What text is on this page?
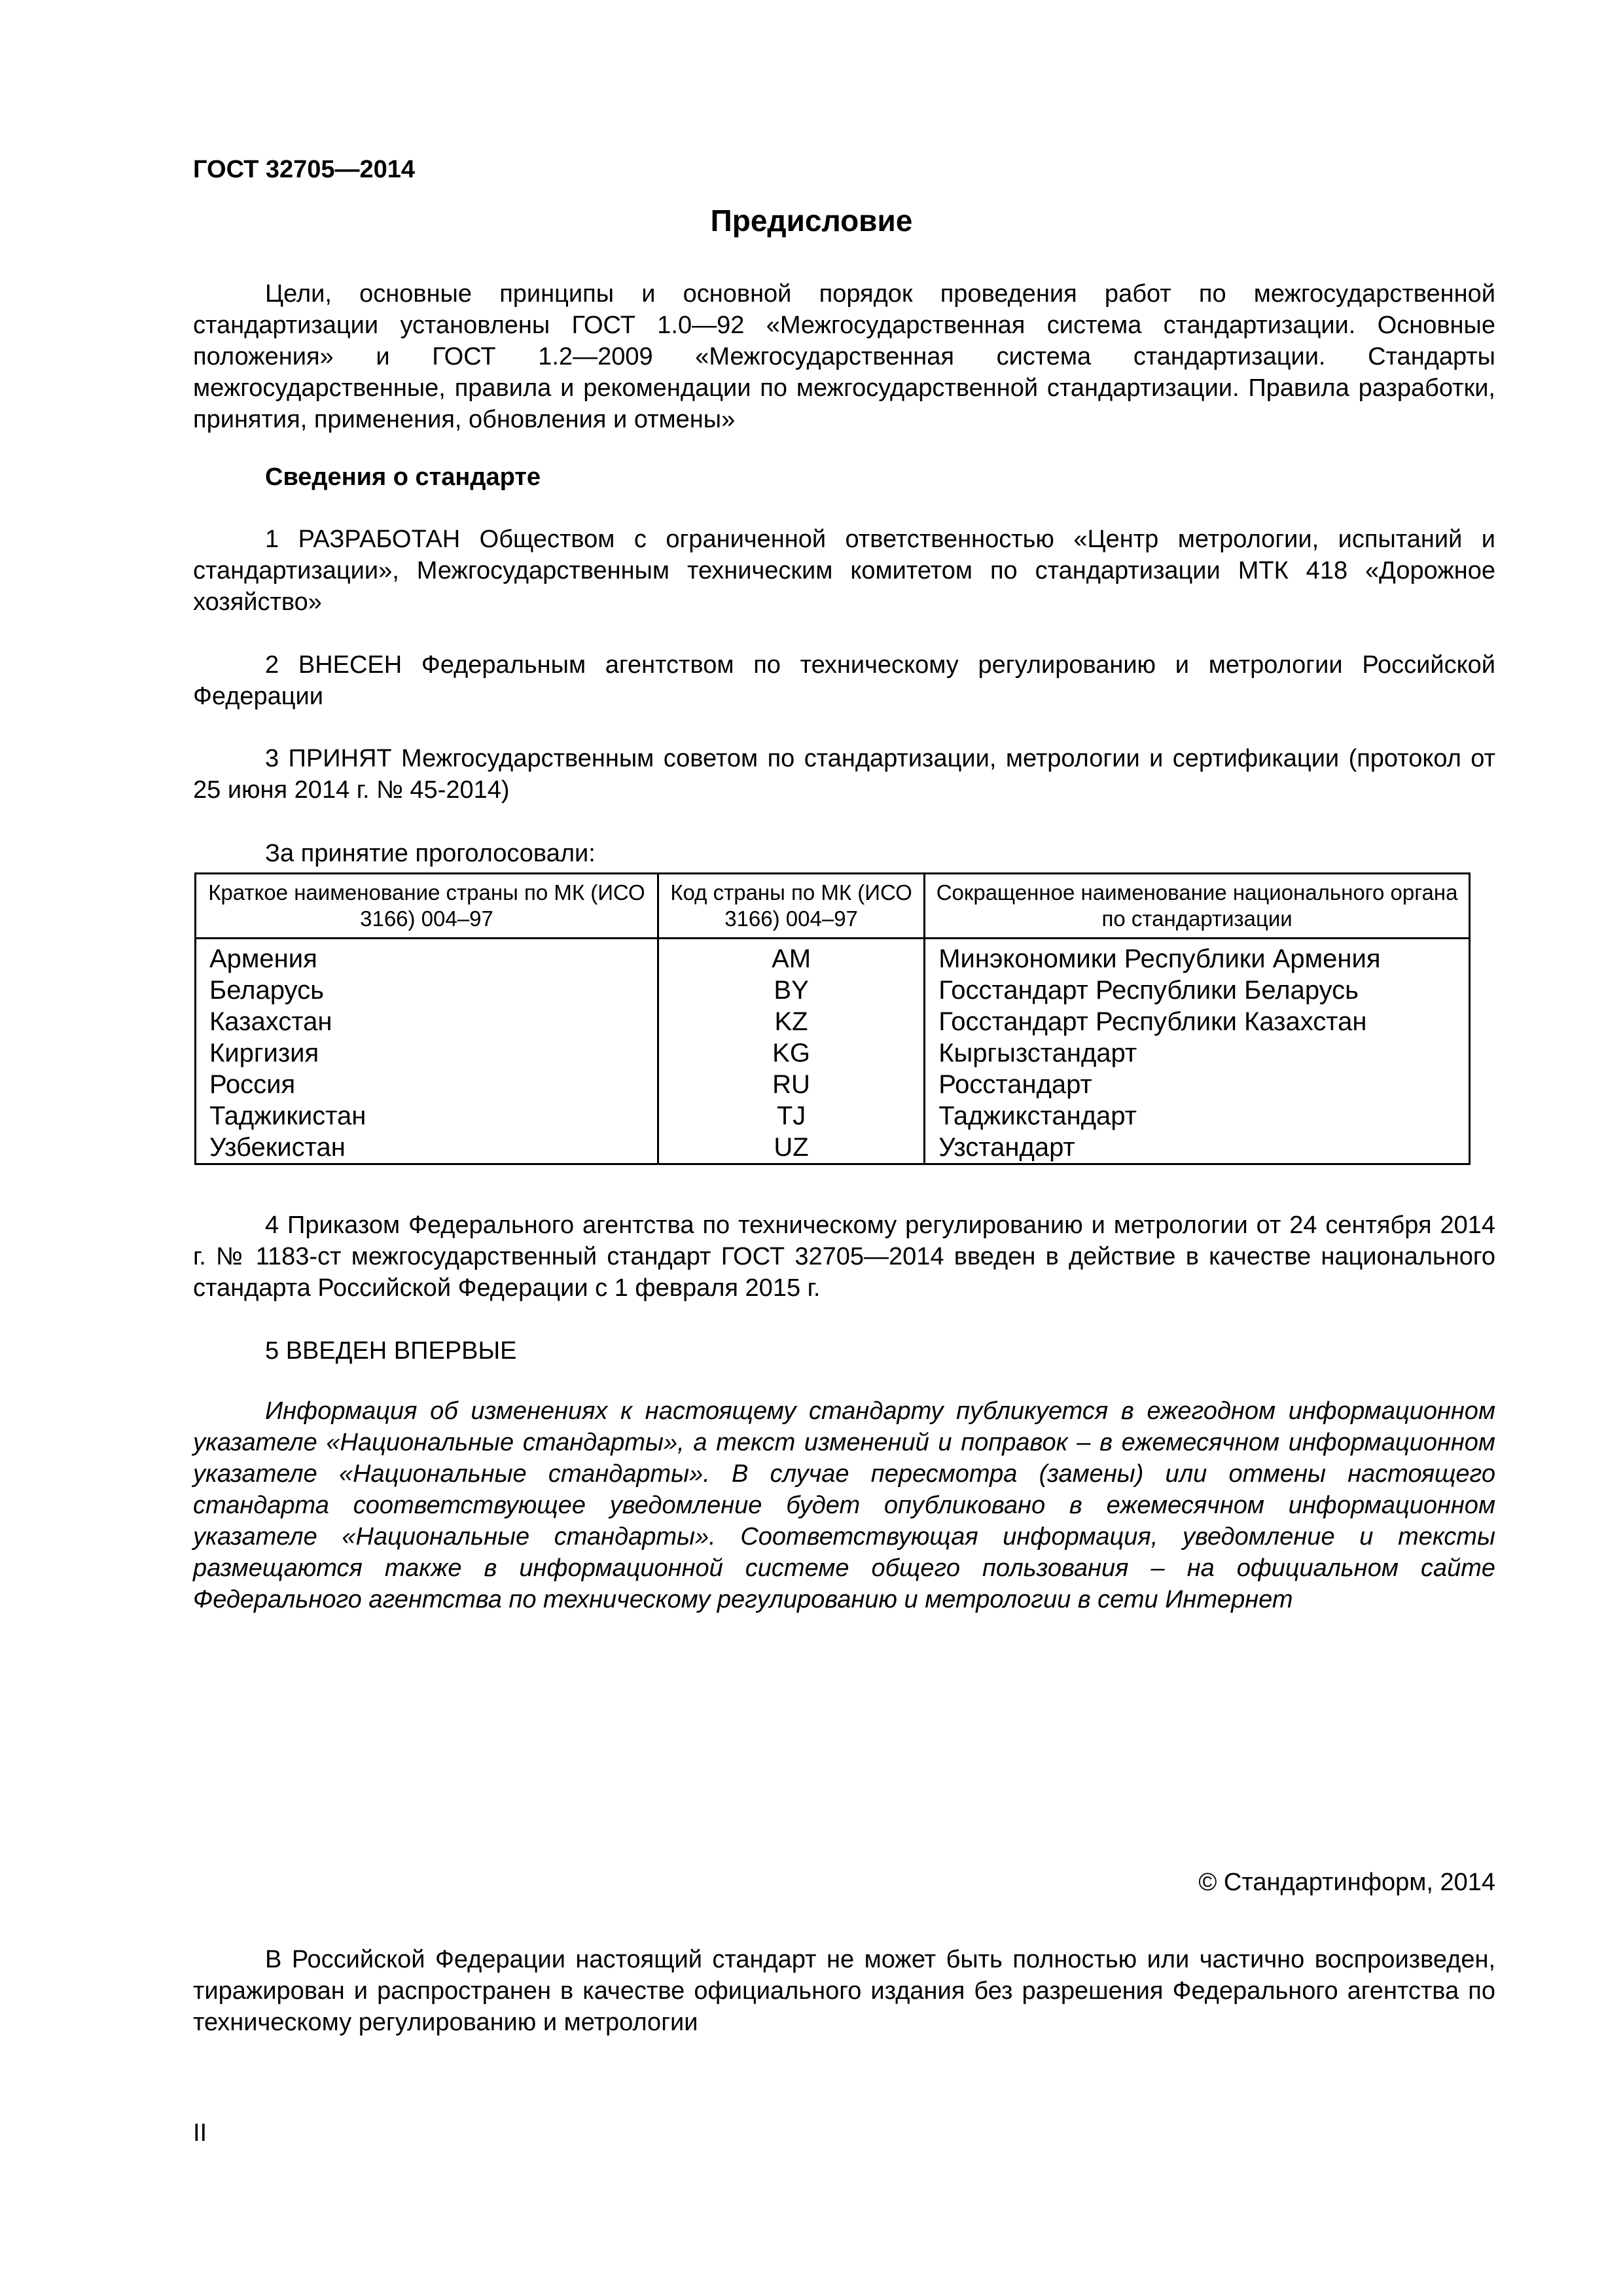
ГОСТ 32705—2014
Предисловие

Цели, основные принципы и основной порядок проведения работ по межгосударственной стандартизации установлены ГОСТ 1.0—92 «Межгосударственная система стандартизации. Основные положения» и ГОСТ 1.2—2009 «Межгосударственная система стандартизации. Стандарты межгосударственные, правила и рекомендации по межгосударственной стандартизации. Правила разработки, принятия, применения, обновления и отмены»

Сведения о стандарте

1 РАЗРАБОТАН Обществом с ограниченной ответственностью «Центр метрологии, испытаний и стандартизации», Межгосударственным техническим комитетом по стандартизации МТК 418 «Дорожное хозяйство»

2 ВНЕСЕН Федеральным агентством по техническому регулированию и метрологии Российской Федерации

3 ПРИНЯТ Межгосударственным советом по стандартизации, метрологии и сертификации (протокол от 25 июня 2014 г. № 45-2014)

За принятие проголосовали:
Краткое наименование страны по МК (ИСО 3166) 004–97	Код страны по МК (ИСО 3166) 004–97	Сокращенное наименование национального органа по стандартизации
Армения	AM	Минэкономики Республики Армения
Беларусь	BY	Госстандарт Республики Беларусь
Казахстан	KZ	Госстандарт Республики Казахстан
Киргизия	KG	Кыргызстандарт
Россия	RU	Росстандарт
Таджикистан	TJ	Таджикстандарт
Узбекистан	UZ	Узстандарт

4 Приказом Федерального агентства по техническому регулированию и метрологии от 24 сентября 2014 г. № 1183-ст межгосударственный стандарт ГОСТ 32705—2014 введен в действие в качестве национального стандарта Российской Федерации с 1 февраля 2015 г.

5 ВВЕДЕН ВПЕРВЫЕ

Информация об изменениях к настоящему стандарту публикуется в ежегодном информационном указателе «Национальные стандарты», а текст изменений и поправок – в ежемесячном информационном указателе «Национальные стандарты». В случае пересмотра (замены) или отмены настоящего стандарта соответствующее уведомление будет опубликовано в ежемесячном информационном указателе «Национальные стандарты». Соответствующая информация, уведомление и тексты размещаются также в информационной системе общего пользования – на официальном сайте Федерального агентства по техническому регулированию и метрологии в сети Интернет

© Стандартинформ, 2014

В Российской Федерации настоящий стандарт не может быть полностью или частично воспроизведен, тиражирован и распространен в качестве официального издания без разрешения Федерального агентства по техническому регулированию и метрологии

II
